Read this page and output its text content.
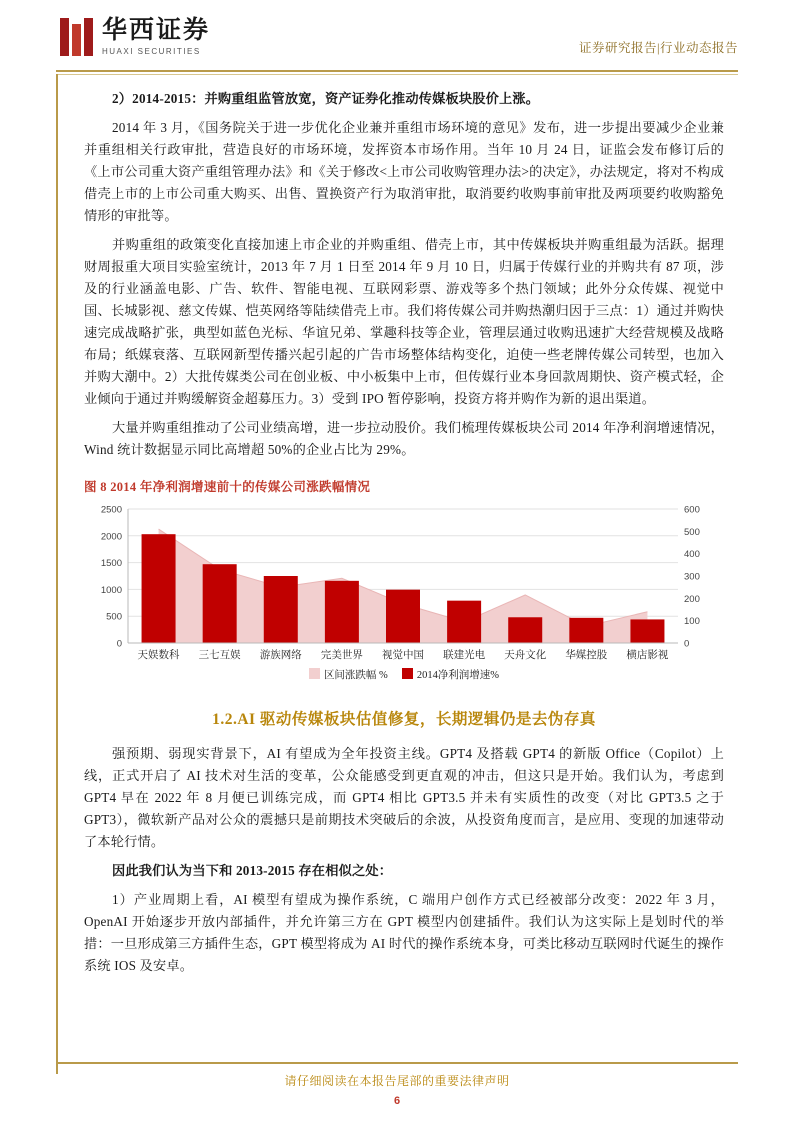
华西证券
HUAXI SECURITIES	证券研究报告|行业动态报告

2）2014-2015：并购重组监管放宽，资产证券化推动传媒板块股价上涨。

2014 年 3 月，《国务院关于进一步优化企业兼并重组市场环境的意见》发布，进一步提出要减少企业兼并重组相关行政审批，营造良好的市场环境，发挥资本市场作用。当年 10 月 24 日，证监会发布修订后的《上市公司重大资产重组管理办法》和《关于修改<上市公司收购管理办法>的决定》，办法规定，将对不构成借壳上市的上市公司重大购买、出售、置换资产行为取消审批，取消要约收购事前审批及两项要约收购豁免情形的审批等。

并购重组的政策变化直接加速上市企业的并购重组、借壳上市，其中传媒板块并购重组最为活跃。据理财周报重大项目实验室统计，2013 年 7 月 1 日至 2014 年 9 月 10 日，归属于传媒行业的并购共有 87 项，涉及的行业涵盖电影、广告、软件、智能电视、互联网彩票、游戏等多个热门领域；此外分众传媒、视觉中国、长城影视、慈文传媒、恺英网络等陆续借壳上市。我们将传媒公司并购热潮归因于三点：1）通过并购快速完成战略扩张，典型如蓝色光标、华谊兄弟、掌趣科技等企业，管理层通过收购迅速扩大经营规模及战略布局；纸媒衰落、互联网新型传播兴起引起的广告市场整体结构变化，迫使一些老牌传媒公司转型，也加入并购大潮中。2）大批传媒类公司在创业板、中小板集中上市，但传媒行业本身回款周期快、资产模式轻，企业倾向于通过并购缓解资金超募压力。3）受到 IPO 暂停影响，投资方将并购作为新的退出渠道。

大量并购重组推动了公司业绩高增，进一步拉动股价。我们梳理传媒板块公司 2014 年净利润增速情况，Wind 统计数据显示同比高增超 50%的企业占比为 29%。

图 8 2014 年净利润增速前十的传媒公司涨跌幅情况
0
500
1000
1500
2000
2500
0
100
200
300
400
500
600
天娱数科	三七互娱	游族网络	完美世界	视觉中国	联建光电	天舟文化	华媒控股	横店影视
区间涨跌幅 %	2014净利润增速%
1.2.AI 驱动传媒板块估值修复，长期逻辑仍是去伪存真

强预期、弱现实背景下，AI 有望成为全年投资主线。GPT4 及搭载 GPT4 的新版 Office（Copilot）上线，正式开启了 AI 技术对生活的变革，公众能感受到更直观的冲击，但这只是开始。我们认为，考虑到 GPT4 早在 2022 年 8 月便已训练完成，而 GPT4 相比 GPT3.5 并未有实质性的改变（对比 GPT3.5 之于 GPT3），微软新产品对公众的震撼只是前期技术突破后的余波，从投资角度而言，是应用、变现的加速带动了本轮行情。

因此我们认为当下和 2013-2015 存在相似之处：

1）产业周期上看，AI 模型有望成为操作系统，C 端用户创作方式已经被部分改变：2022 年 3 月，OpenAI 开始逐步开放内部插件，并允许第三方在 GPT 模型内创建插件。我们认为这实际上是划时代的举措：一旦形成第三方插件生态，GPT 模型将成为 AI 时代的操作系统本身，可类比移动互联网时代诞生的操作系统 IOS 及安卓。

请仔细阅读在本报告尾部的重要法律声明
6
